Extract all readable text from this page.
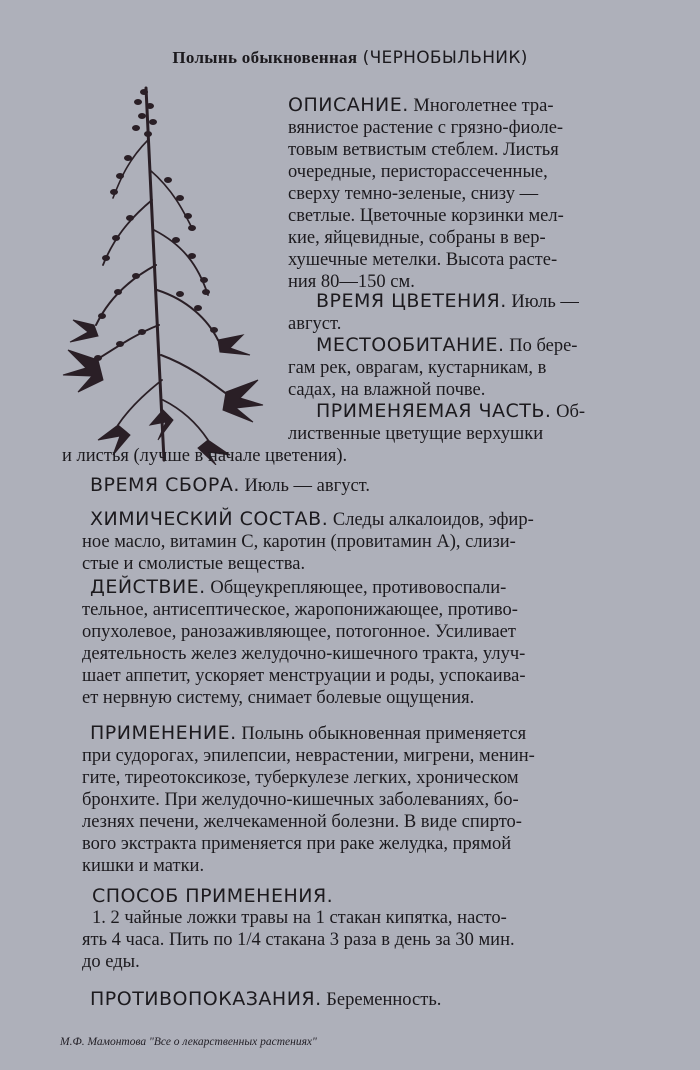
Полынь обыкновенная (ЧЕРНОБЫЛЬНИК)
ОПИСАНИЕ. Многолетнее тра-
вянистое растение с грязно-фиоле-
товым ветвистым стеблем. Листья
очередные, перисторассеченные,
сверху темно-зеленые, снизу —
светлые. Цветочные корзинки мел-
кие, яйцевидные, собраны в вер-
хушечные метелки. Высота расте-
ния 80—150 см.
ВРЕМЯ ЦВЕТЕНИЯ. Июль —
август.
МЕСТООБИТАНИЕ. По бере-
гам рек, оврагам, кустарникам, в
садах, на влажной почве.
ПРИМЕНЯЕМАЯ ЧАСТЬ. Об-
лиственные цветущие верхушки
и листья (лучше в начале цветения).
ВРЕМЯ СБОРА. Июль — август.
ХИМИЧЕСКИЙ СОСТАВ. Следы алкалоидов, эфир-
ное масло, витамин С, каротин (провитамин А), слизи-
стые и смолистые вещества.
ДЕЙСТВИЕ. Общеукрепляющее, противовоспали-
тельное, антисептическое, жаропонижающее, противо-
опухолевое, ранозаживляющее, потогонное. Усиливает
деятельность желез желудочно-кишечного тракта, улуч-
шает аппетит, ускоряет менструации и роды, успокаива-
ет нервную систему, снимает болевые ощущения.
ПРИМЕНЕНИЕ. Полынь обыкновенная применяется
при судорогах, эпилепсии, неврастении, мигрени, менин-
гите, тиреотоксикозе, туберкулезе легких, хроническом
бронхите. При желудочно-кишечных заболеваниях, бо-
лезнях печени, желчекаменной болезни. В виде спирто-
вого экстракта применяется при раке желудка, прямой
кишки и матки.
СПОСОБ ПРИМЕНЕНИЯ.
1. 2 чайные ложки травы на 1 стакан кипятка, насто-
ять 4 часа. Пить по 1/4 стакана 3 раза в день за 30 мин.
до еды.
ПРОТИВОПОКАЗАНИЯ. Беременность.
М.Ф. Мамонтова "Все о лекарственных растениях"
